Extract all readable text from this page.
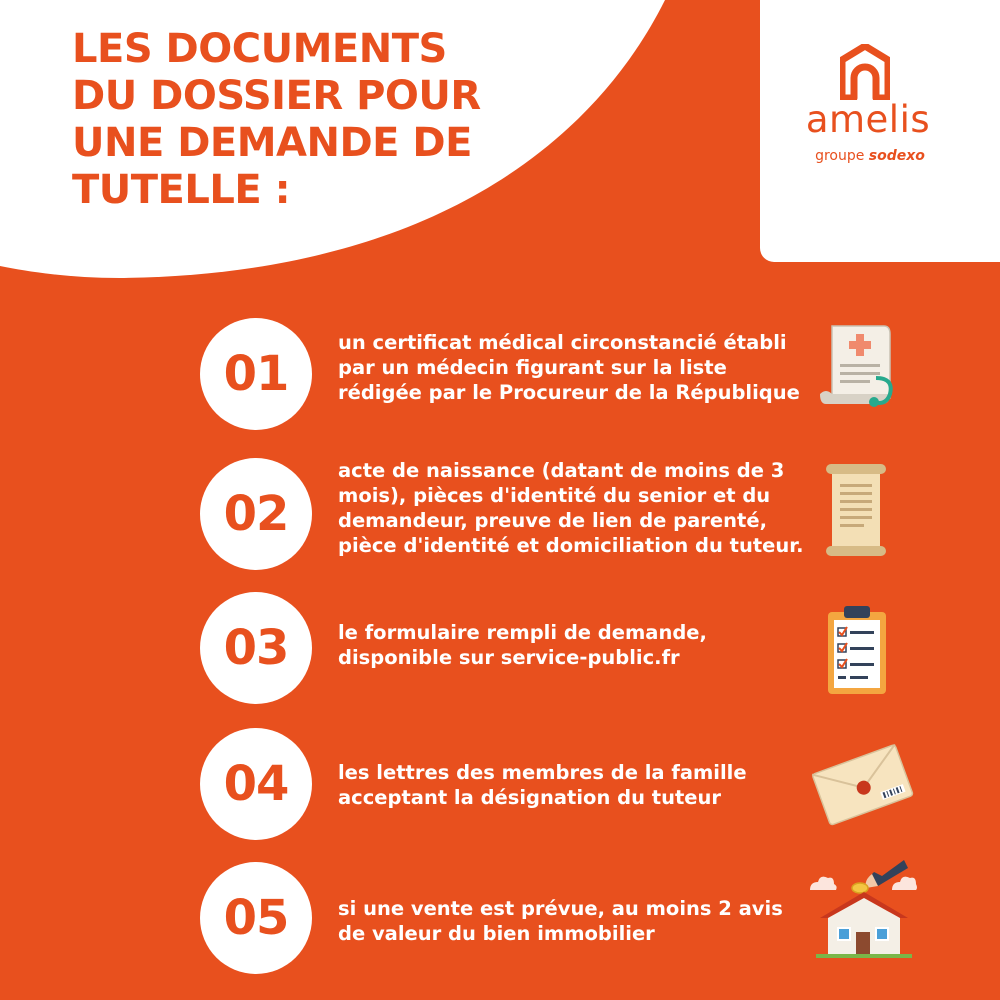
LES DOCUMENTS DU DOSSIER POUR UNE DEMANDE DE TUTELLE :
amelis
groupe sodexo
01

un certificat médical circonstancié établi par un médecin figurant sur la liste rédigée par le Procureur de la République

02

acte de naissance (datant de moins de 3 mois), pièces d'identité du senior et du demandeur, preuve de lien de parenté, pièce d'identité et domiciliation du tuteur.

03	le formulaire rempli de demande, disponible sur service-public.fr

04	les lettres des membres de la famille acceptant la désignation du tuteur

05	si une vente est prévue, au moins 2 avis de valeur du bien immobilier
